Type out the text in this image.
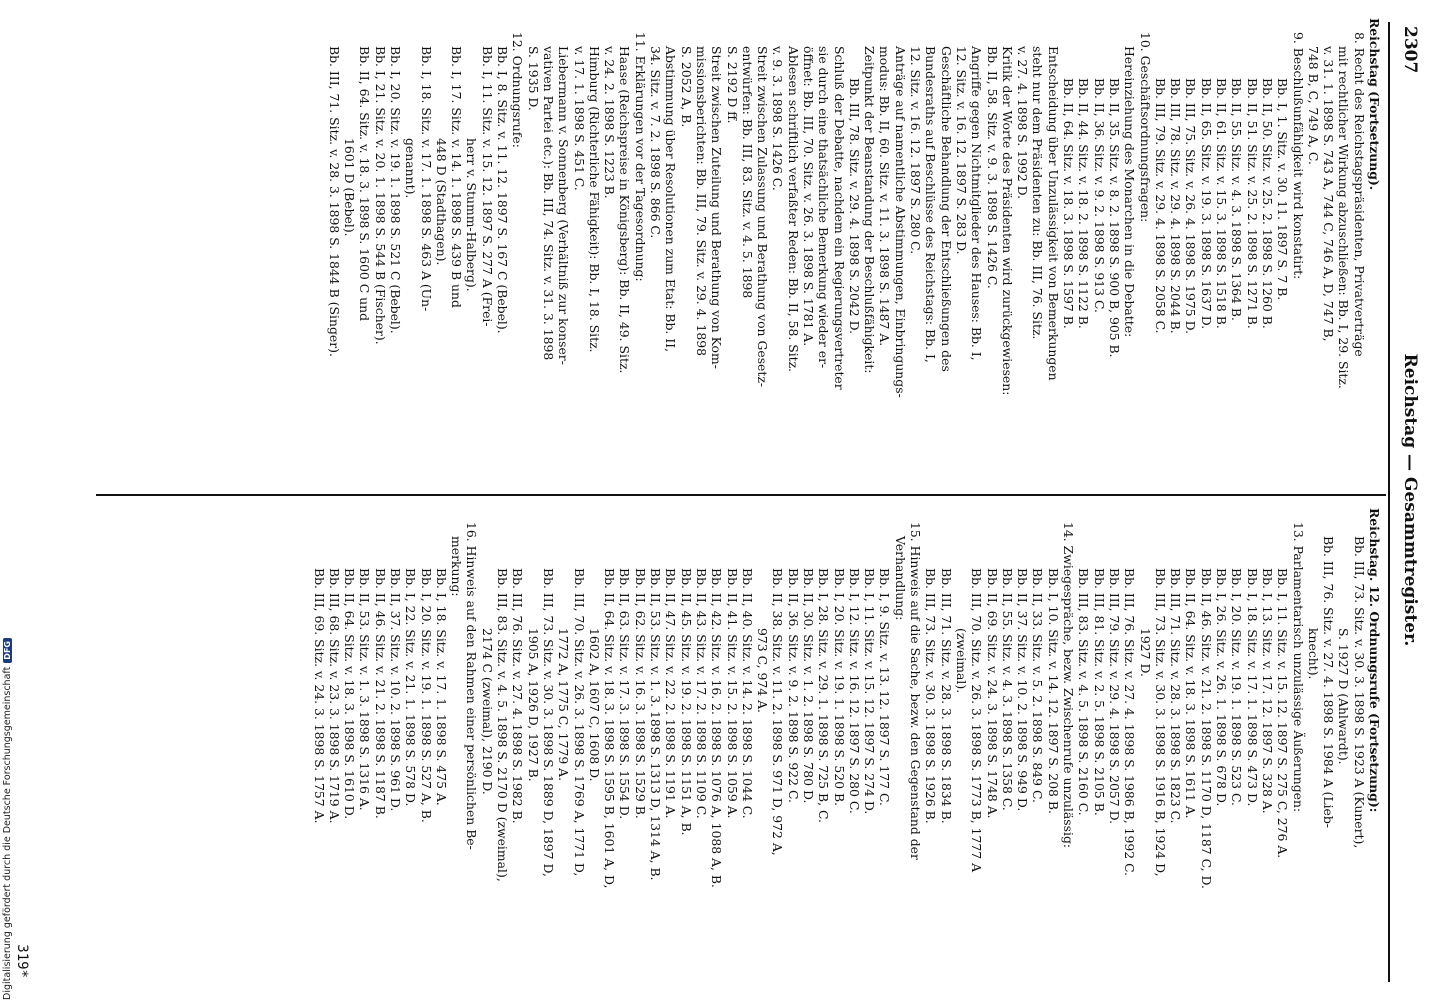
2307
Reichstag — Gesammtregister.
Reichstag (Fortsetzung).
8. Recht des Reichstagspräsidenten, Privatverträge
mit rechtlicher Wirkung abzuschließen: Bb. I, 29. Sitz.
v. 31. 1. 1898 S. 743 A, 744 C, 746 A, D, 747 B,
748 B, C, 749 A, C.
9. Beschlußunfähigkeit wird konstatirt:
Bb. I, 1. Sitz. v. 30. 11. 1897 S. 7 B.
Bb. II, 50. Sitz. v. 25. 2. 1898 S. 1260 B.
Bb. II, 51. Sitz. v. 25. 2. 1898 S. 1271 B.
Bb. II, 55. Sitz. v. 4. 3. 1898 S. 1364 B.
Bb. II, 61. Sitz. v. 15. 3. 1898 S. 1518 B.
Bb. II, 65. Sitz. v. 19. 3. 1898 S. 1637 D.
Bb. III, 75. Sitz. v. 26. 4. 1898 S. 1975 D.
Bb. III, 78. Sitz. v. 29. 4. 1898 S. 2044 B.
Bb. III, 79. Sitz. v. 29. 4. 1898 S. 2058 C.
10. Geschäftsordnungsfragen:
Hereinziehung des Monarchen in die Debatte:
Bb. II, 35. Sitz. v. 8. 2. 1898 S. 900 B, 905 B.
Bb. II, 36. Sitz. v. 9. 2. 1898 S. 913 C.
Bb. II, 44. Sitz. v. 18. 2. 1898 S. 1122 B.
Bb. II, 64. Sitz. v. 18. 3. 1898 S. 1597 B.
Entscheidung über Unzulässigkeit von Bemerkungen
steht nur dem Präsidenten zu: Bb. III, 76. Sitz.
v. 27. 4. 1898 S. 1992 D.
Kritik der Worte des Präsidenten wird zurückgewiesen:
Bb. II, 58. Sitz. v. 9. 3. 1898 S. 1426 C.
Angriffe gegen Nichtmitglieder des Hauses: Bb. I,
12. Sitz. v. 16. 12. 1897 S. 283 D.
Geschäftliche Behandlung der Entschließungen des
Bundesraths auf Beschlüsse des Reichstags: Bb. I,
12. Sitz. v. 16. 12. 1897 S. 280 C.
Anträge auf namentliche Abstimmungen, Einbringungs-
modus: Bb. II, 60. Sitz. v. 11. 3. 1898 S. 1487 A.
Zeitpunkt der Beanstandung der Beschlußfähigkeit:
Bb. III, 78. Sitz. v. 29. 4. 1898 S. 2042 D.
Schluß der Debatte, nachdem ein Regierungsvertreter
sie durch eine thatsächliche Bemerkung wieder er-
öffnet: Bb. III, 70. Sitz. v. 26. 3. 1898 S. 1781 A.
Ablesen schriftlich verfaßter Reden: Bb. II, 58. Sitz.
v. 9. 3. 1898 S. 1426 C.
Streit zwischen Zulassung und Berathung von Gesetz-
entwürfen: Bb. III, 83. Sitz. v. 4. 5. 1898
S. 2192 D ff.
Streit zwischen Zuteilung und Berathung von Kom-
missionsberichten: Bb. III, 79. Sitz. v. 29. 4. 1898
S. 2052 A, B.
Abstimmung über Resolutionen zum Etat: Bb. II,
34. Sitz. v. 7. 2. 1898 S. 866 C.
11. Erklärungen vor der Tagesordnung:
Haase (Reichspreise in Königsberg): Bb. II, 49. Sitz.
v. 24. 2. 1898 S. 1223 B.
Himburg (Richterliche Fähigkeit): Bb. I, 18. Sitz.
v. 17. 1. 1898 S. 451 C.
Liebermann v. Sonnenberg (Verhältniß zur konser-
vativen Partei etc.): Bb. III, 74. Sitz. v. 31. 3. 1898
S. 1935 D.
12. Ordnungsrufe:
Bb. I, 8. Sitz. v. 11. 12. 1897 S. 167 C (Bebel).
Bb. I, 11. Sitz. v. 15. 12. 1897 S. 277 A (Frei-
herr v. Stumm-Halberg).
Bb. I, 17. Sitz. v. 14. 1. 1898 S. 439 B und
448 D (Stadthagen).
Bb. I, 18. Sitz. v. 17. 1. 1898 S. 463 A (Un-
genannt).
Bb. I, 20. Sitz. v. 19. 1. 1898 S. 521 C (Bebel).
Bb. I, 21. Sitz. v. 20. 1. 1898 S. 544 B (Fischer).
Bb. II, 64. Sitz. v. 18. 3. 1898 S. 1600 C und
1601 D (Bebel).
Bb. III, 71. Sitz. v. 28. 3. 1898 S. 1844 B (Singer).
Reichstag. 12. Ordnungsrufe (Fortsetzung):
Bb. III, 73. Sitz. v. 30. 3. 1898 S. 1923 A (Kunert),
S. 1927 D (Ahlwardt).
Bb. III, 76. Sitz. v. 27. 4. 1898 S. 1984 A (Lieb-
knecht).
13. Parlamentarisch unzulässige Äußerungen:
Bb. I, 11. Sitz. v. 15. 12. 1897 S. 275 C, 276 A.
Bb. I, 13. Sitz. v. 17. 12. 1897 S. 328 A.
Bb. I, 18. Sitz. v. 17. 1. 1898 S. 473 D.
Bb. I, 20. Sitz. v. 19. 1. 1898 S. 523 C.
Bb. I, 26. Sitz. v. 26. 1. 1898 S. 678 D.
Bb. II, 46. Sitz. v. 21. 2. 1898 S. 1170 D, 1187 C, D.
Bb. II, 64. Sitz. v. 18. 3. 1898 S. 1611 A.
Bb. III, 71. Sitz. v. 28. 3. 1898 S. 1823 C.
Bb. III, 73. Sitz. v. 30. 3. 1898 S. 1916 B, 1924 D,
1927 D.
Bb. III, 76. Sitz. v. 27. 4. 1898 S. 1986 B, 1992 C.
Bb. III, 79. Sitz. v. 29. 4. 1898 S. 2057 D.
Bb. III, 81. Sitz. v. 2. 5. 1898 S. 2105 B.
Bb. III, 83. Sitz. v. 4. 5. 1898 S. 2160 C.
14. Zwiegespräche, bezw. Zwischenrufe unzulässig:
Bb. I, 10. Sitz. v. 14. 12. 1897 S. 208 B.
Bb. II, 33. Sitz. v. 5. 2. 1898 S. 849 C.
Bb. II, 37. Sitz. v. 10. 2. 1898 S. 949 D.
Bb. II, 55. Sitz. v. 4. 3. 1898 S. 1358 C.
Bb. II, 69. Sitz. v. 24. 3. 1898 S. 1748 A.
Bb. III, 70. Sitz. v. 26. 3. 1898 S. 1773 B, 1777 A
(zweimal).
Bb. III, 71. Sitz. v. 28. 3. 1898 S. 1834 B.
Bb. III, 73. Sitz. v. 30. 3. 1898 S. 1926 B.
15. Hinweis auf die Sache, bezw. den Gegenstand der
Verhandlung:
Bb. I, 9. Sitz. v. 13. 12. 1897 S. 177 C.
Bb. I, 11. Sitz. v. 15. 12. 1897 S. 274 D.
Bb. I, 12. Sitz. v. 16. 12. 1897 S. 280 C.
Bb. I, 20. Sitz. v. 19. 1. 1898 S. 520 B.
Bb. I, 28. Sitz. v. 29. 1. 1898 S. 725 B, C.
Bb. II, 30. Sitz. v. 1. 2. 1898 S. 780 D.
Bb. II, 36. Sitz. v. 9. 2. 1898 S. 922 C.
Bb. II, 38. Sitz. v. 11. 2. 1898 S. 971 D, 972 A,
973 C, 974 A.
Bb. II, 40. Sitz. v. 14. 2. 1898 S. 1044 C.
Bb. II, 41. Sitz. v. 15. 2. 1898 S. 1059 A.
Bb. II, 42. Sitz. v. 16. 2. 1898 S. 1076 A, 1088 A, B.
Bb. II, 43. Sitz. v. 17. 2. 1898 S. 1109 C.
Bb. II, 45. Sitz. v. 19. 2. 1898 S. 1151 A, B.
Bb. II, 47. Sitz. v. 22. 2. 1898 S. 1191 A.
Bb. II, 53. Sitz. v. 1. 3. 1898 S. 1313 D, 1314 A, B.
Bb. II, 62. Sitz. v. 16. 3. 1898 S. 1529 B.
Bb. II, 63. Sitz. v. 17. 3. 1898 S. 1554 D.
Bb. II, 64. Sitz. v. 18. 3. 1898 S. 1595 B, 1601 A, D,
1602 A, 1607 C, 1608 D.
Bb. III, 70. Sitz. v. 26. 3. 1898 S. 1769 A, 1771 D,
1772 A, 1775 C, 1779 A.
Bb. III, 73. Sitz. v. 30. 3. 1898 S. 1889 D, 1897 D,
1905 A, 1926 D, 1927 B.
Bb. III, 76. Sitz. v. 27. 4. 1898 S. 1982 B.
Bb. III, 83. Sitz. v. 4. 5. 1898 S. 2170 D (zweimal),
2174 C (zweimal), 2190 D.
16. Hinweis auf den Rahmen einer persönlichen Be-
merkung:
Bb. I, 18. Sitz. v. 17. 1. 1898 S. 475 A.
Bb. I, 20. Sitz. v. 19. 1. 1898 S. 527 A, B.
Bb. I, 22. Sitz. v. 21. 1. 1898 S. 578 D.
Bb. II, 37. Sitz. v. 10. 2. 1898 S. 961 D.
Bb. II, 46. Sitz. v. 21. 2. 1898 S. 1187 B.
Bb. II, 53. Sitz. v. 1. 3. 1898 S. 1316 A.
Bb. II, 64. Sitz. v. 18. 3. 1898 S. 1610 D.
Bb. III, 68. Sitz. v. 23. 3. 1898 S. 1719 A.
Bb. III, 69. Sitz. v. 24. 3. 1898 S. 1757 A.
319*
Digitalisierung gefördert durch die Deutsche Forschungsgemeinschaft
DFG
